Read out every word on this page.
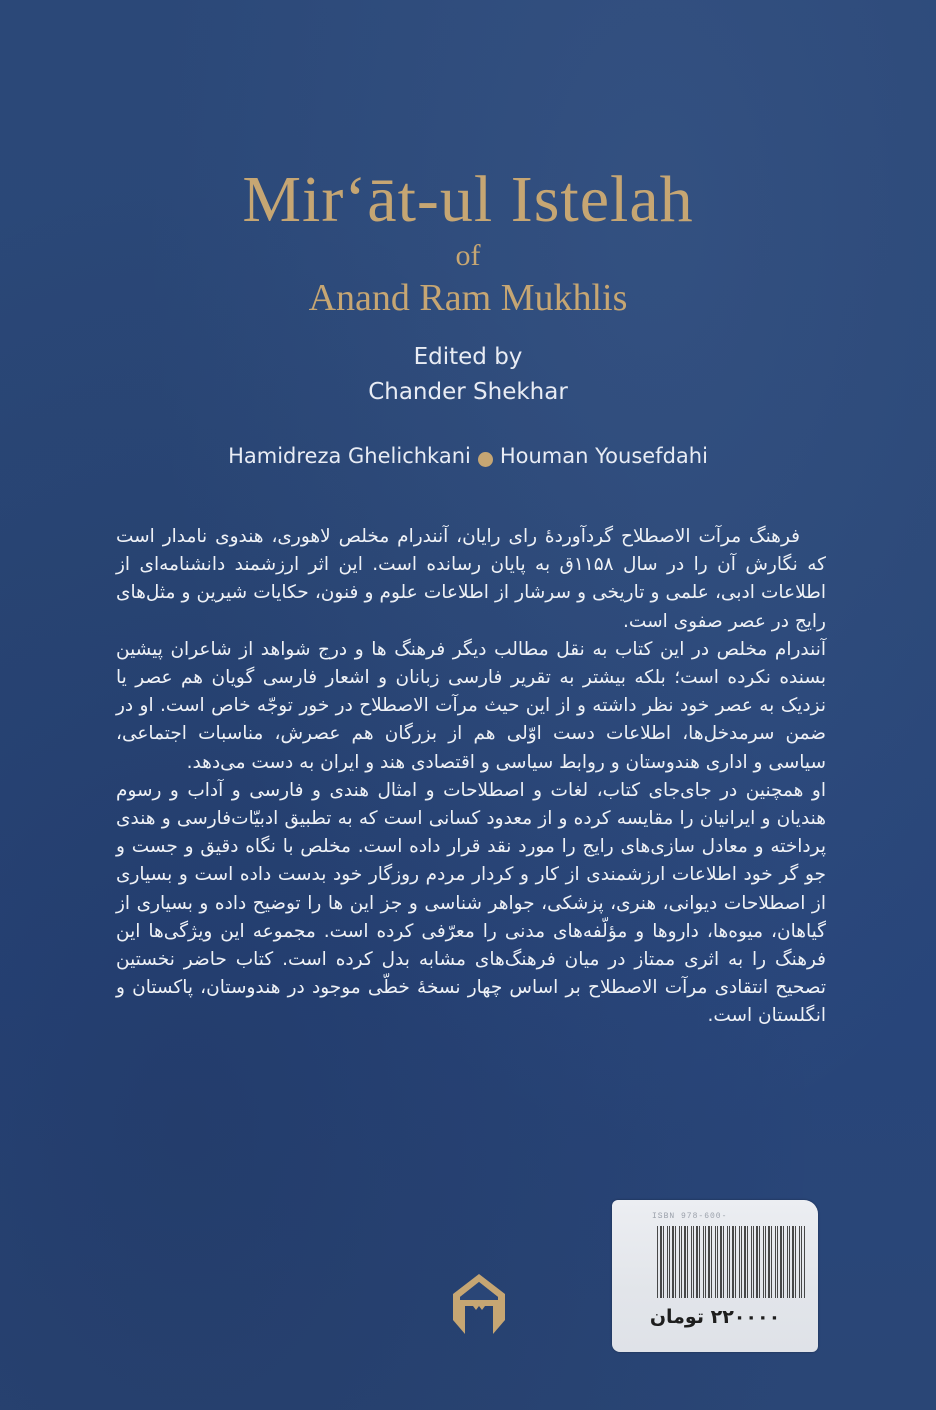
Mir‘āt-ul Istelah
of
Anand Ram Mukhlis
Edited by
Chander Shekhar
Hamidreza Ghelichkani Houman Yousefdahi

فرهنگ مرآت الاصطلاح گردآوردهٔ رای رایان، آنندرام مخلص لاهوری، هندوی نامدار است که نگارش آن را در سال ۱۱۵۸ق به پایان رسانده است. این اثر ارزشمند دانشنامه‌ای از اطلاعات ادبی، علمی و تاریخی و سرشار از اطلاعات علوم و فنون، حکایات شیرین و مثل‌های رایج در عصر صفوی است.

آنندرام مخلص در این کتاب به نقل مطالب دیگر فرهنگ ها و درج شواهد از شاعران پیشین بسنده نکرده است؛ بلکه بیشتر به تقریر فارسی زبانان و اشعار فارسی گویان هم عصر یا نزدیک به عصر خود نظر داشته و از این حیث مرآت الاصطلاح در خور توجّه خاص است. او در ضمن سرمدخل‌ها، اطلاعات دست اوّلی هم از بزرگان هم عصرش، مناسبات اجتماعی، سیاسی و اداری هندوستان و روابط سیاسی و اقتصادی هند و ایران به دست می‌دهد.

او همچنین در جای‌جای کتاب، لغات و اصطلاحات و امثال هندی و فارسی و آداب و رسوم هندیان و ایرانیان را مقایسه کرده و از معدود کسانی است که به تطبیق ادبیّات‌فارسی و هندی پرداخته و معادل سازی‌های رایج را مورد نقد قرار داده است. مخلص با نگاه دقیق و جست و جو گر خود اطلاعات ارزشمندی از کار و کردار مردم روزگار خود بدست داده است و بسیاری از اصطلاحات دیوانی، هنری، پزشکی، جواهر شناسی و جز این ها را توضیح داده و بسیاری از گیاهان، میوه‌ها، داروها و مؤلّفه‌های مدنی را معرّفی کرده است. مجموعه این ویژگی‌ها این فرهنگ را به اثری ممتاز در میان فرهنگ‌های مشابه بدل کرده است. کتاب حاضر نخستین تصحیح انتقادی مرآت الاصطلاح بر اساس چهار نسخهٔ خطّی موجود در هندوستان، پاکستان و انگلستان است.

ISBN 978-600-
۲۲۰۰۰۰ تومان
